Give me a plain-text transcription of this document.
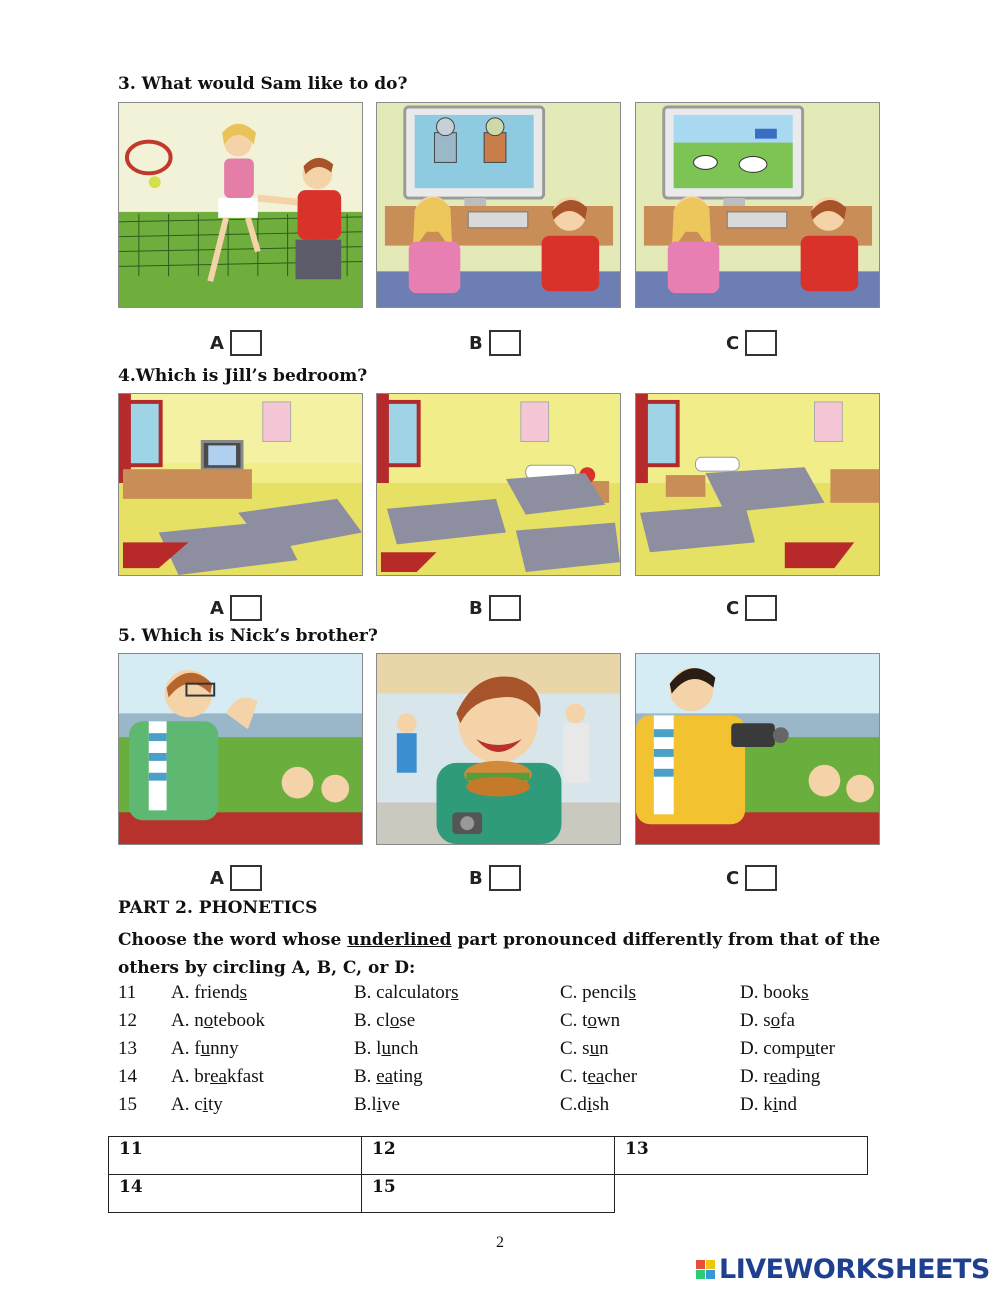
3. What would Sam like to do?
A	B	C
4.Which is Jill’s bedroom?
A	B	C
5. Which is Nick’s brother?
A	B	C
PART 2. PHONETICS
Choose the word whose underlined part pronounced differently from that of the others by circling A, B, C, or D:
11 A. friends	B. calculators	C. pencils	D. books
12 A. notebook	B. close	C. town	D. sofa
13 A. funny	B. lunch	C. sun	D. computer
14 A. breakfast	B. eating	C. teacher	D. reading
15 A. city	B.live	C.dish	D. kind
11	12	13
14	15	
2
LIVEWORKSHEETS
